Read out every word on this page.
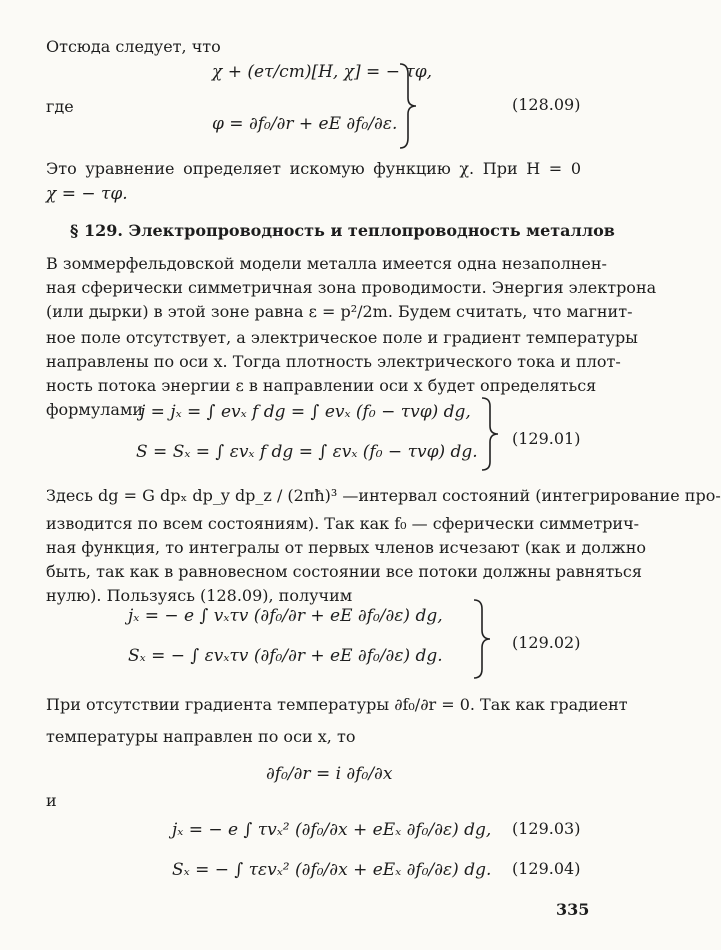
Отсюда следует, что
где
χ + (eτ/cm)[H, χ] = − τφ,
φ = ∂f₀/∂r + eE ∂f₀/∂ε.
(128.09)
Это уравнение определяет искомую функцию χ. При H = 0
χ = − τφ.
§ 129. Электропроводность и теплопроводность металлов
В зоммерфельдовской модели металла имеется одна незаполнен-
ная сферически симметричная зона проводимости. Энергия электрона
(или дырки) в этой зоне равна ε = p²/2m. Будем считать, что магнит-
ное поле отсутствует, а электрическое поле и градиент температуры
направлены по оси x. Тогда плотность электрического тока и плот-
ность потока энергии ε в направлении оси x будет определяться
формулами
j = jₓ = ∫ evₓ f dg = ∫ evₓ (f₀ − τvφ) dg,
S = Sₓ = ∫ εvₓ f dg = ∫ εvₓ (f₀ − τvφ) dg.
(129.01)
Здесь dg = G dpₓ dp_y dp_z / (2πħ)³ —интервал состояний (интегрирование про-
изводится по всем состояниям). Так как f₀ — сферически симметрич-
ная функция, то интегралы от первых членов исчезают (как и должно
быть, так как в равновесном состоянии все потоки должны равняться
нулю). Пользуясь (128.09), получим
jₓ = − e ∫ vₓτv (∂f₀/∂r + eE ∂f₀/∂ε) dg,
Sₓ = − ∫ εvₓτv (∂f₀/∂r + eE ∂f₀/∂ε) dg.
(129.02)
При отсутствии градиента температуры ∂f₀/∂r = 0. Так как градиент
температуры направлен по оси x, то
∂f₀/∂r = i ∂f₀/∂x
и
jₓ = − e ∫ τvₓ² (∂f₀/∂x + eEₓ ∂f₀/∂ε) dg, (129.03)
Sₓ = − ∫ τεvₓ² (∂f₀/∂x + eEₓ ∂f₀/∂ε) dg. (129.04)
335
